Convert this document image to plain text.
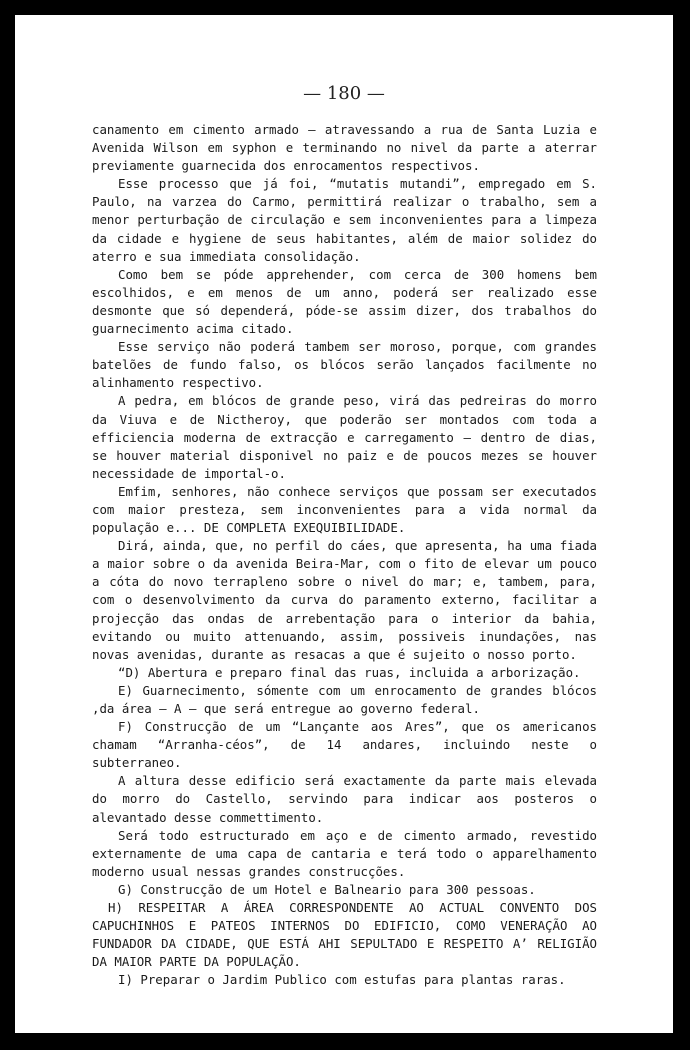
— 180 —

canamento em cimento armado — atravessando a rua de Santa Luzia e Avenida Wilson em syphon e terminando no nivel da parte a aterrar previamente guarnecida dos enrocamentos respectivos.

Esse processo que já foi, “mutatis mutandi”, empregado em S. Paulo, na varzea do Carmo, permittirá realizar o trabalho, sem a menor perturbação de circulação e sem inconvenientes para a limpeza da cidade e hygiene de seus habitantes, além de maior solidez do aterro e sua immediata consolidação.

Como bem se póde apprehender, com cerca de 300 homens bem escolhidos, e em menos de um anno, poderá ser realizado esse desmonte que só dependerá, póde-se assim dizer, dos trabalhos do guarnecimento acima citado.

Esse serviço não poderá tambem ser moroso, porque, com grandes batelões de fundo falso, os blócos serão lançados facilmente no alinhamento respectivo.

A pedra, em blócos de grande peso, virá das pedreiras do morro da Viuva e de Nictheroy, que poderão ser montados com toda a efficiencia moderna de extracção e carregamento — dentro de dias, se houver material disponivel no paiz e de poucos mezes se houver necessidade de importal-o.

Emfim, senhores, não conhece serviços que possam ser executados com maior presteza, sem inconvenientes para a vida normal da população e... DE COMPLETA EXEQUIBILIDADE.

Dirá, ainda, que, no perfil do cáes, que apresenta, ha uma fiada a maior sobre o da avenida Beira-Mar, com o fito de elevar um pouco a cóta do novo terrapleno sobre o nivel do mar; e, tambem, para, com o desenvolvimento da curva do paramento externo, facilitar a projecção das ondas de arrebentação para o interior da bahia, evitando ou muito attenuando, assim, possiveis inundações, nas novas avenidas, durante as resacas a que é sujeito o nosso porto.

“D) Abertura e preparo final das ruas, incluida a arborização.

E) Guarnecimento, sómente com um enrocamento de grandes blócos ,da área — A — que será entregue ao governo federal.

F) Construcção de um “Lançante aos Ares”, que os americanos chamam “Arranha-céos”, de 14 andares, incluindo neste o subterraneo.

A altura desse edificio será exactamente da parte mais elevada do morro do Castello, servindo para indicar aos posteros o alevantado desse commettimento.

Será todo estructurado em aço e de cimento armado, revestido externamente de uma capa de cantaria e terá todo o apparelhamento moderno usual nessas grandes construcções.

G) Construcção de um Hotel e Balneario para 300 pessoas.

H) RESPEITAR A ÁREA CORRESPONDENTE AO ACTUAL CONVENTO DOS CAPUCHINHOS E PATEOS INTERNOS DO EDIFICIO, COMO VENERAÇÃO AO FUNDADOR DA CIDADE, QUE ESTÁ AHI SEPULTADO E RESPEITO A’ RELIGIÃO DA MAIOR PARTE DA POPULAÇÃO.

I) Preparar o Jardim Publico com estufas para plantas raras.
